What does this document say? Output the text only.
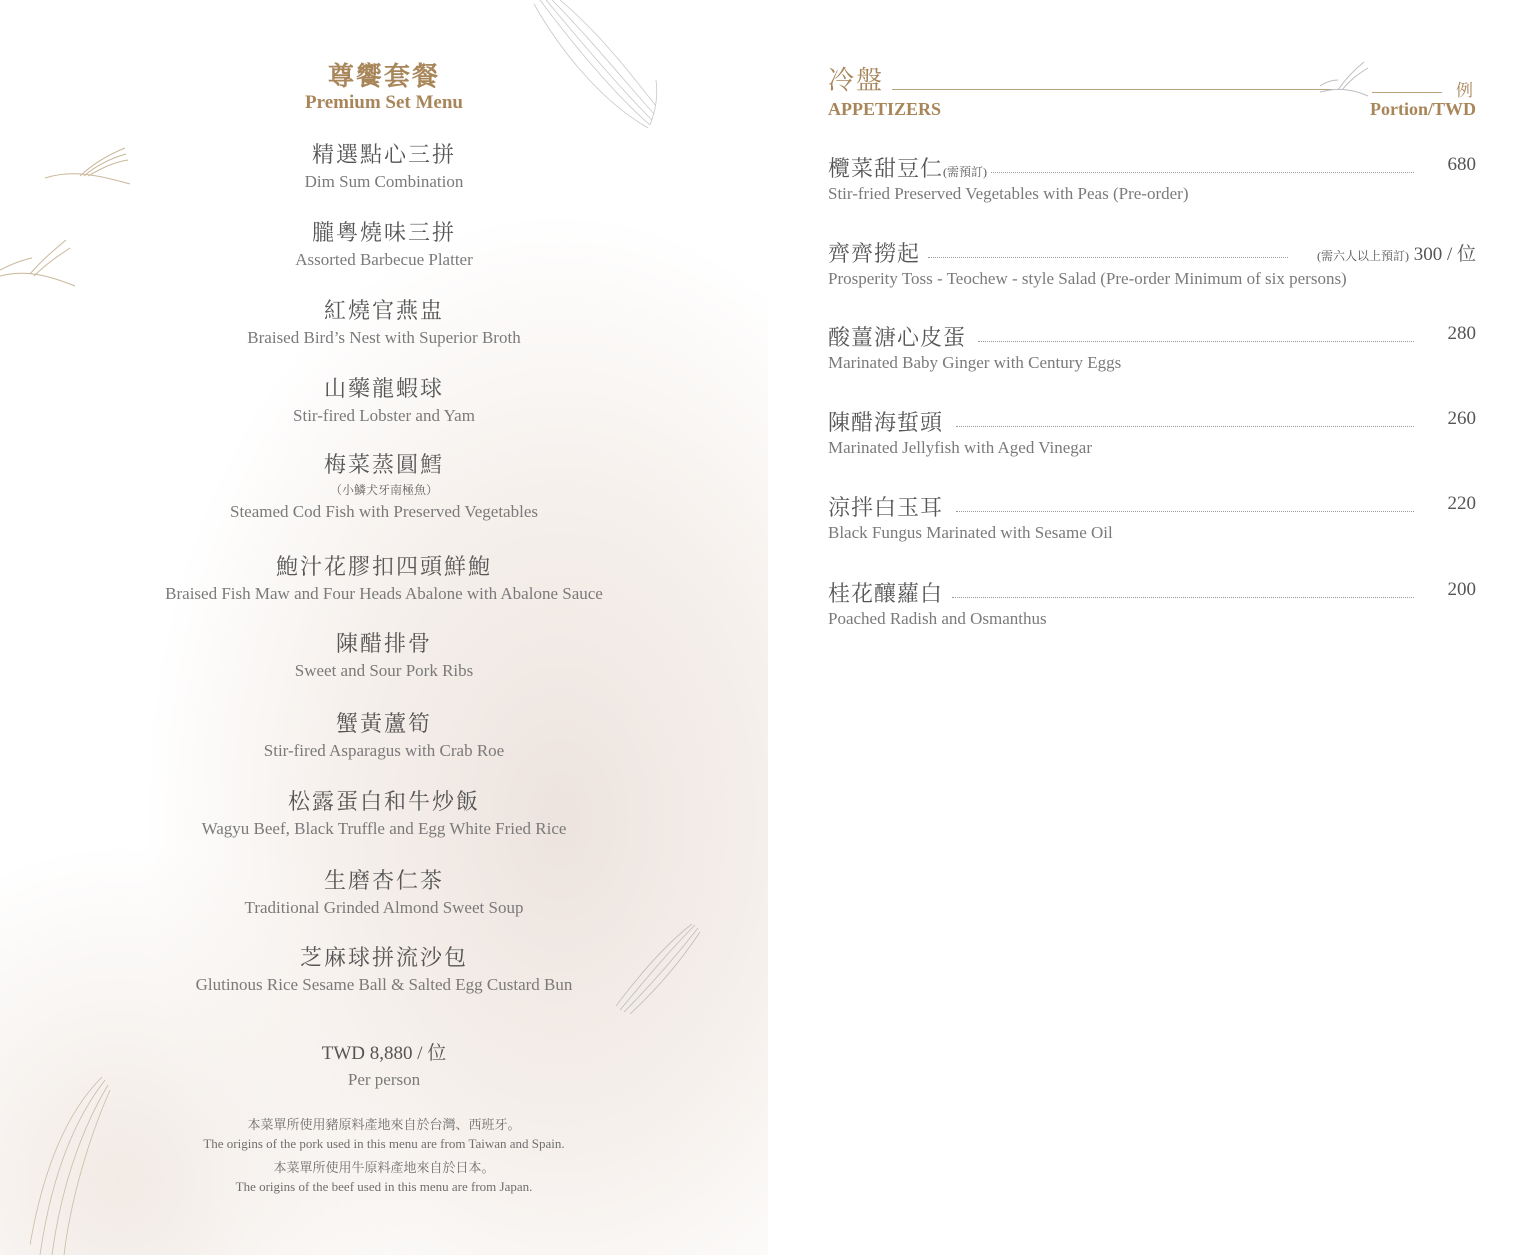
尊饗套餐
Premium Set Menu
精選點心三拼
Dim Sum Combination
朧粵燒味三拼
Assorted Barbecue Platter
紅燒官燕盅
Braised Bird’s Nest with Superior Broth
山藥龍蝦球
Stir-fired Lobster and Yam
梅菜蒸圓鱈
（小鱗犬牙南極魚）
Steamed Cod Fish with Preserved Vegetables
鮑汁花膠扣四頭鮮鮑
Braised Fish Maw and Four Heads Abalone with Abalone Sauce
陳醋排骨
Sweet and Sour Pork Ribs
蟹黃蘆筍
Stir-fired Asparagus with Crab Roe
松露蛋白和牛炒飯
Wagyu Beef, Black Truffle and Egg White Fried Rice
生磨杏仁茶
Traditional Grinded Almond Sweet Soup
芝麻球拼流沙包
Glutinous Rice Sesame Ball & Salted Egg Custard Bun
TWD 8,880 / 位
Per person
本菜單所使用豬原料產地來自於台灣、西班牙。
The origins of the pork used in this menu are from Taiwan and Spain.
本菜單所使用牛原料產地來自於日本。
The origins of the beef used in this menu are from Japan.
冷盤	例
APPETIZERS	Portion/TWD
欖菜甜豆仁(需預訂)	680
Stir-fried Preserved Vegetables with Peas (Pre-order)
齊齊撈起	(需六人以上預訂) 300 / 位
Prosperity Toss - Teochew - style Salad (Pre-order Minimum of six persons)
酸薑溏心皮蛋	280
Marinated Baby Ginger with Century Eggs
陳醋海蜇頭	260
Marinated Jellyfish with Aged Vinegar
涼拌白玉耳	220
Black Fungus Marinated with Sesame Oil
桂花釀蘿白	200
Poached Radish and Osmanthus
